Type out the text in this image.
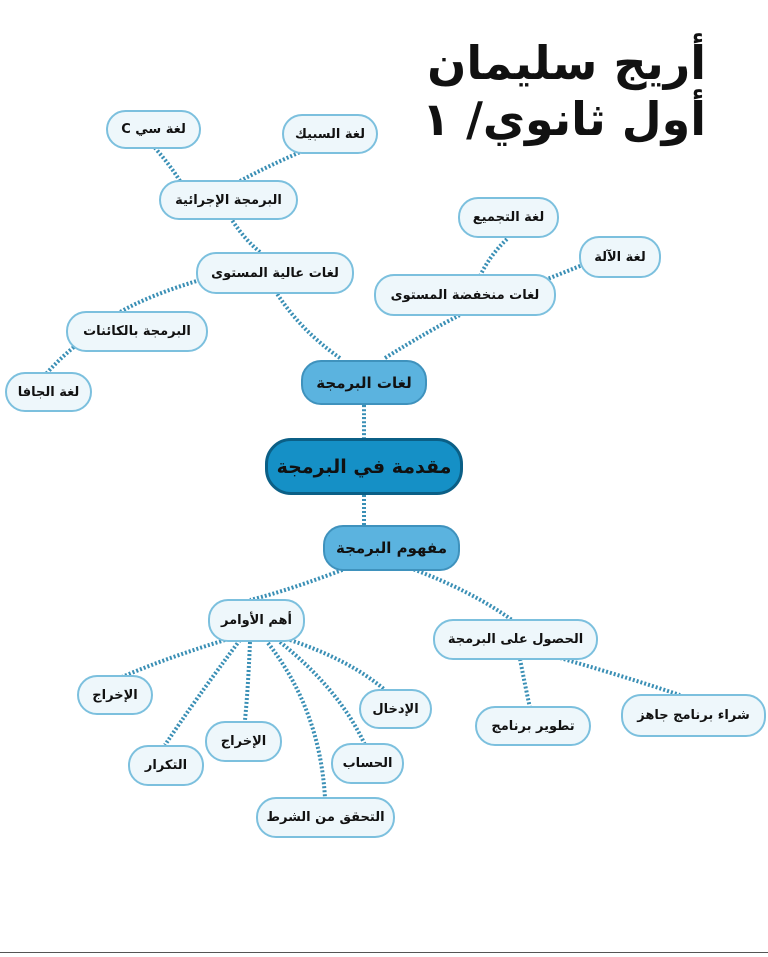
أريج سليمان
أول ثانوي/ ١
مقدمة في البرمجة
لغات البرمجة
مفهوم البرمجة
لغات عالية المستوى
لغات منخفضة المستوى
البرمجة الإجرائية
لغة سي C	لغة السبيك
البرمجة بالكائنات
لغة الجافا
لغة التجميع
لغة الآلة
أهم الأوامر
الحصول على البرمجة
الإخراج
التكرار
الإخراج
التحقق من الشرط
الحساب
الإدخال
تطوير برنامج
شراء برنامج جاهز
